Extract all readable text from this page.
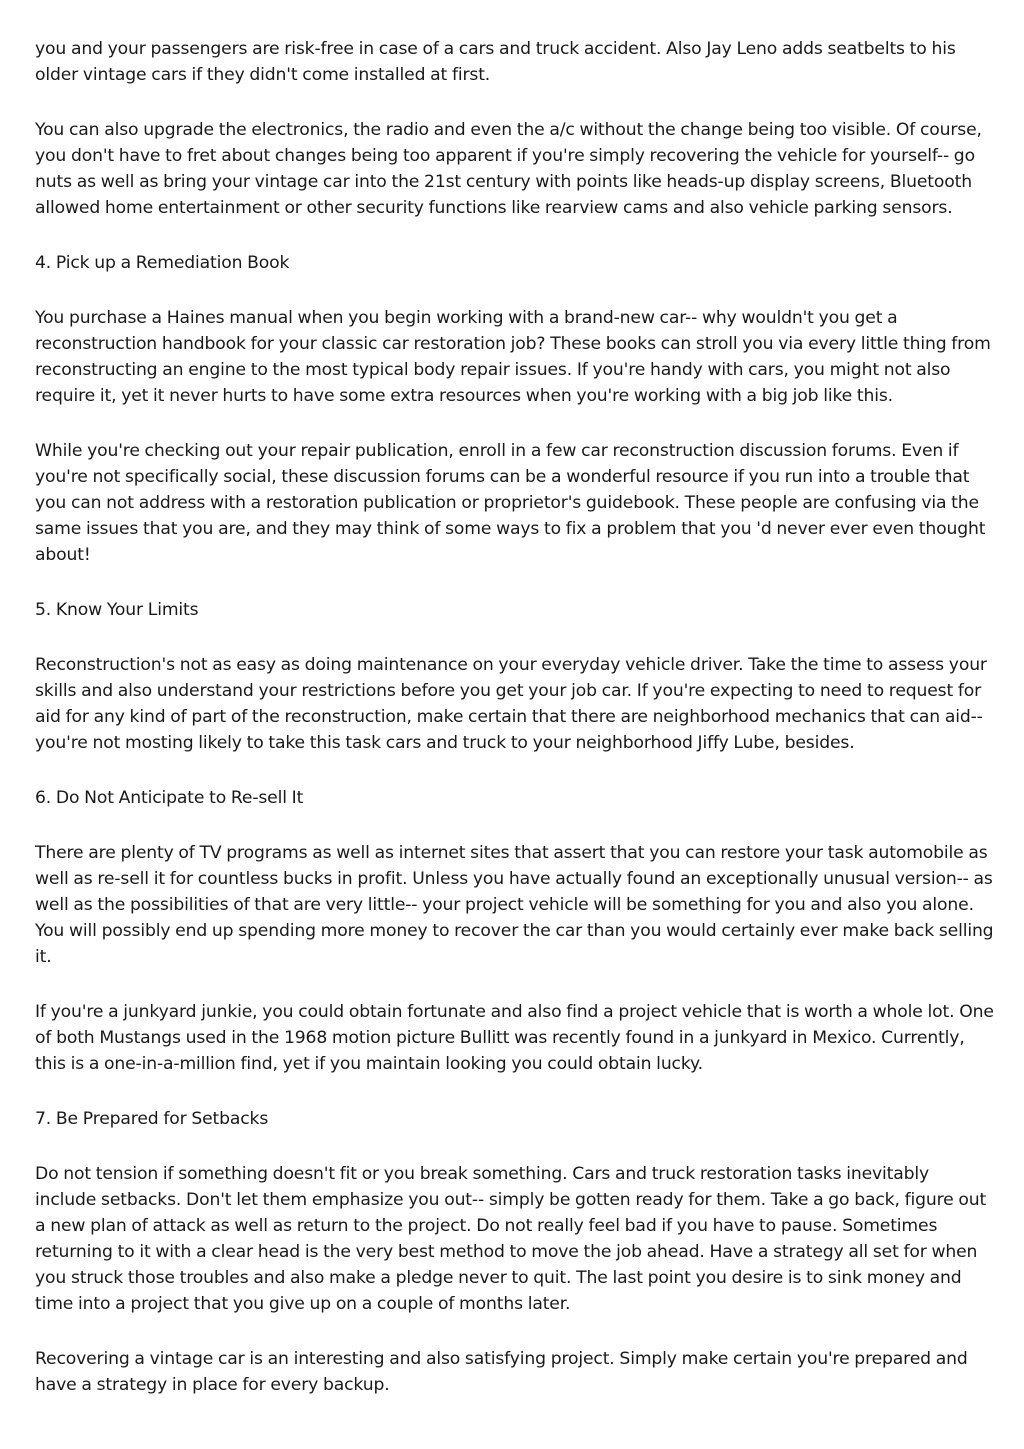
you and your passengers are risk-free in case of a cars and truck accident. Also Jay Leno adds seatbelts to his older vintage cars if they didn't come installed at first.

You can also upgrade the electronics, the radio and even the a/c without the change being too visible. Of course, you don't have to fret about changes being too apparent if you're simply recovering the vehicle for yourself-- go nuts as well as bring your vintage car into the 21st century with points like heads-up display screens, Bluetooth allowed home entertainment or other security functions like rearview cams and also vehicle parking sensors.

4. Pick up a Remediation Book

You purchase a Haines manual when you begin working with a brand-new car-- why wouldn't you get a reconstruction handbook for your classic car restoration job? These books can stroll you via every little thing from reconstructing an engine to the most typical body repair issues. If you're handy with cars, you might not also require it, yet it never hurts to have some extra resources when you're working with a big job like this.

While you're checking out your repair publication, enroll in a few car reconstruction discussion forums. Even if you're not specifically social, these discussion forums can be a wonderful resource if you run into a trouble that you can not address with a restoration publication or proprietor's guidebook. These people are confusing via the same issues that you are, and they may think of some ways to fix a problem that you 'd never ever even thought about!

5. Know Your Limits

Reconstruction's not as easy as doing maintenance on your everyday vehicle driver. Take the time to assess your skills and also understand your restrictions before you get your job car. If you're expecting to need to request for aid for any kind of part of the reconstruction, make certain that there are neighborhood mechanics that can aid-- you're not mosting likely to take this task cars and truck to your neighborhood Jiffy Lube, besides.

6. Do Not Anticipate to Re-sell It

There are plenty of TV programs as well as internet sites that assert that you can restore your task automobile as well as re-sell it for countless bucks in profit. Unless you have actually found an exceptionally unusual version-- as well as the possibilities of that are very little-- your project vehicle will be something for you and also you alone. You will possibly end up spending more money to recover the car than you would certainly ever make back selling it.

If you're a junkyard junkie, you could obtain fortunate and also find a project vehicle that is worth a whole lot. One of both Mustangs used in the 1968 motion picture Bullitt was recently found in a junkyard in Mexico. Currently, this is a one-in-a-million find, yet if you maintain looking you could obtain lucky.

7. Be Prepared for Setbacks

Do not tension if something doesn't fit or you break something. Cars and truck restoration tasks inevitably include setbacks. Don't let them emphasize you out-- simply be gotten ready for them. Take a go back, figure out a new plan of attack as well as return to the project. Do not really feel bad if you have to pause. Sometimes returning to it with a clear head is the very best method to move the job ahead. Have a strategy all set for when you struck those troubles and also make a pledge never to quit. The last point you desire is to sink money and time into a project that you give up on a couple of months later.

Recovering a vintage car is an interesting and also satisfying project. Simply make certain you're prepared and have a strategy in place for every backup.
